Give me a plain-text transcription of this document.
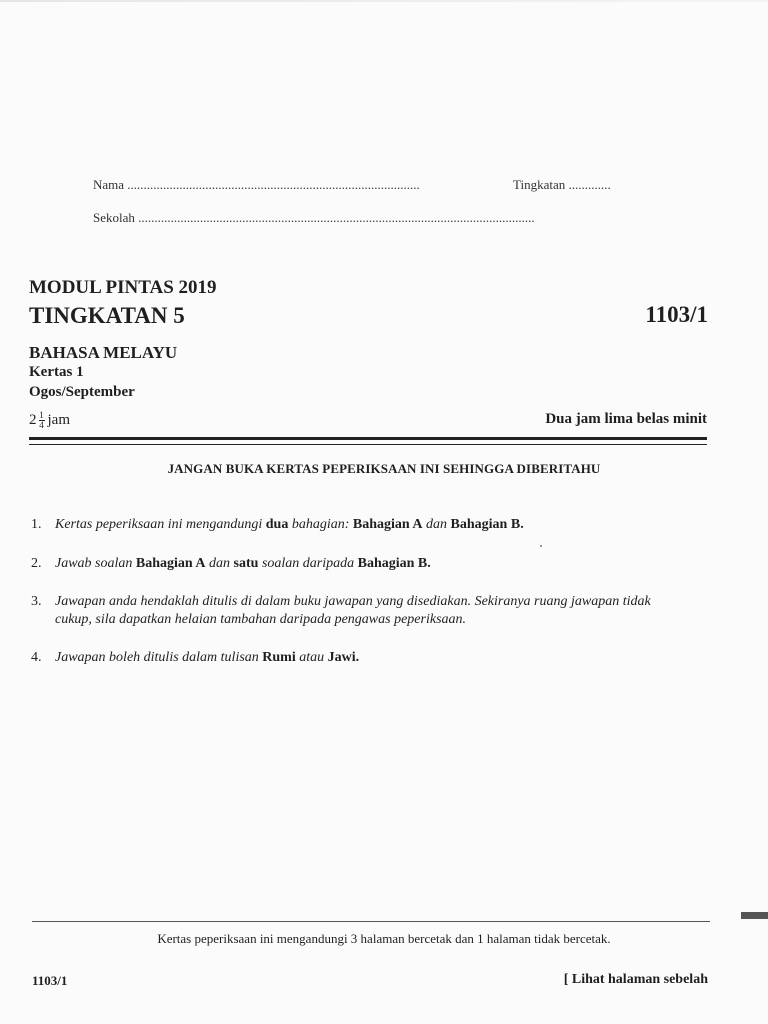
Nama ..........................................................................................	Tingkatan .............
Sekolah ..........................................................................................................................
MODUL PINTAS 2019
TINGKATAN 5	1103/1
BAHASA MELAYU
Kertas 1
Ogos/September
$2 \frac{1}{4}$ jam	Dua jam lima belas minit
JANGAN BUKA KERTAS PEPERIKSAAN INI SEHINGGA DIBERITAHU
1. Kertas peperiksaan ini mengandungi dua bahagian: Bahagian A dan Bahagian B.
2. Jawab soalan Bahagian A dan satu soalan daripada Bahagian B.
3. Jawapan anda hendaklah ditulis di dalam buku jawapan yang disediakan. Sekiranya ruang jawapan tidak cukup, sila dapatkan helaian tambahan daripada pengawas peperiksaan.
4. Jawapan boleh ditulis dalam tulisan Rumi atau Jawi.
Kertas peperiksaan ini mengandungi 3 halaman bercetak dan 1 halaman tidak bercetak.
1103/1	[ Lihat halaman sebelah
